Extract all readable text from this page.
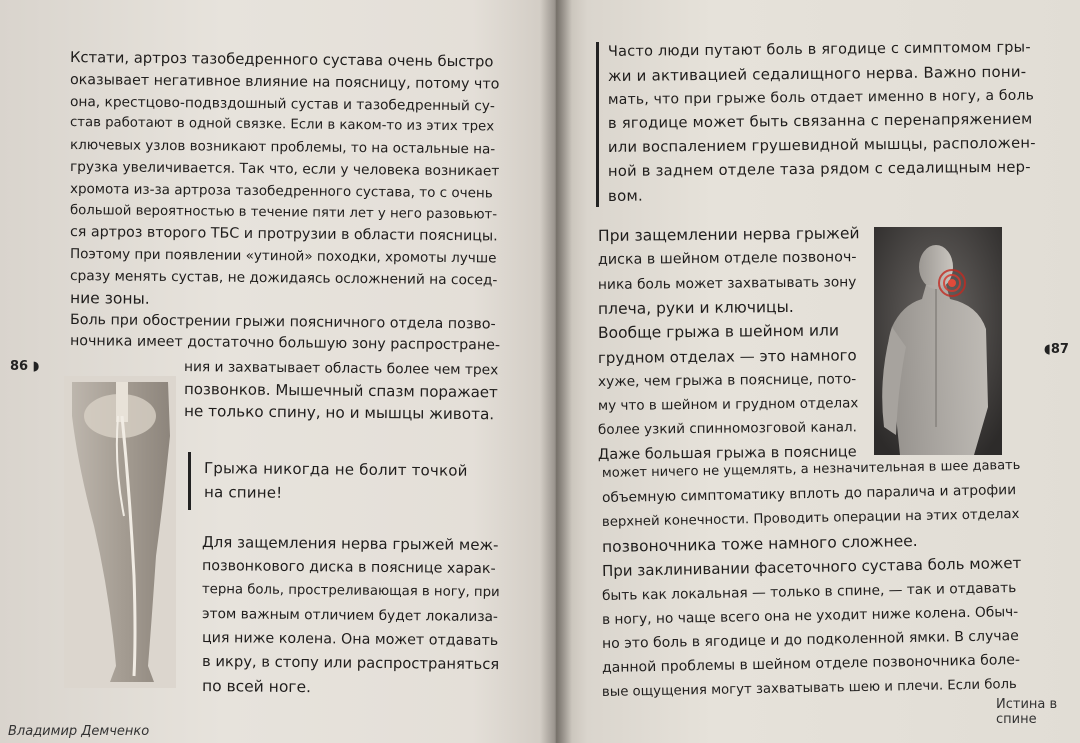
Кстати, артроз тазобедренного сустава очень быстро
оказывает негативное влияние на поясницу, потому что
она, крестцово-подвздошный сустав и тазобедренный су-
став работают в одной связке. Если в каком-то из этих трех
ключевых узлов возникают проблемы, то на остальные на-
грузка увеличивается. Так что, если у человека возникает
хромота из-за артроза тазобедренного сустава, то с очень
большой вероятностью в течение пяти лет у него разовьют-
ся артроз второго ТБС и протрузии в области поясницы.
Поэтому при появлении «утиной» походки, хромоты лучше
сразу менять сустав, не дожидаясь осложнений на сосед-
ние зоны.
Боль при обострении грыжи поясничного отдела позво-
ночника имеет достаточно большую зону распростране-
86 ◗	ния и захватывает область более чем трех
позвонков. Мышечный спазм поражает
не только спину, но и мышцы живота.
Грыжа никогда не болит точкой
на спине!
Для защемления нерва грыжей меж-
позвонкового диска в пояснице харак-
терна боль, простреливающая в ногу, при
этом важным отличием будет локализа-
ция ниже колена. Она может отдавать
в икру, в стопу или распространяться
по всей ноге.
Владимир Демченко
Часто люди путают боль в ягодице с симптомом гры-
жи и активацией седалищного нерва. Важно пони-
мать, что при грыже боль отдает именно в ногу, а боль
в ягодице может быть связанна с перенапряжением
или воспалением грушевидной мышцы, расположен-
ной в заднем отделе таза рядом с седалищным нер-
вом.
При защемлении нерва грыжей
диска в шейном отделе позвоноч-
ника боль может захватывать зону
плеча, руки и ключицы.
Вообще грыжа в шейном или
грудном отделах — это намного
хуже, чем грыжа в пояснице, пото-
му что в шейном и грудном отделах
более узкий спинномозговой канал.
Даже большая грыжа в пояснице
◖87
может ничего не ущемлять, а незначительная в шее давать
объемную симптоматику вплоть до паралича и атрофии
верхней конечности. Проводить операции на этих отделах
позвоночника тоже намного сложнее.
При заклинивании фасеточного сустава боль может
быть как локальная — только в спине, — так и отдавать
в ногу, но чаще всего она не уходит ниже колена. Обыч-
но это боль в ягодице и до подколенной ямки. В случае
данной проблемы в шейном отделе позвоночника боле-
вые ощущения могут захватывать шею и плечи. Если боль
Истина в спине
